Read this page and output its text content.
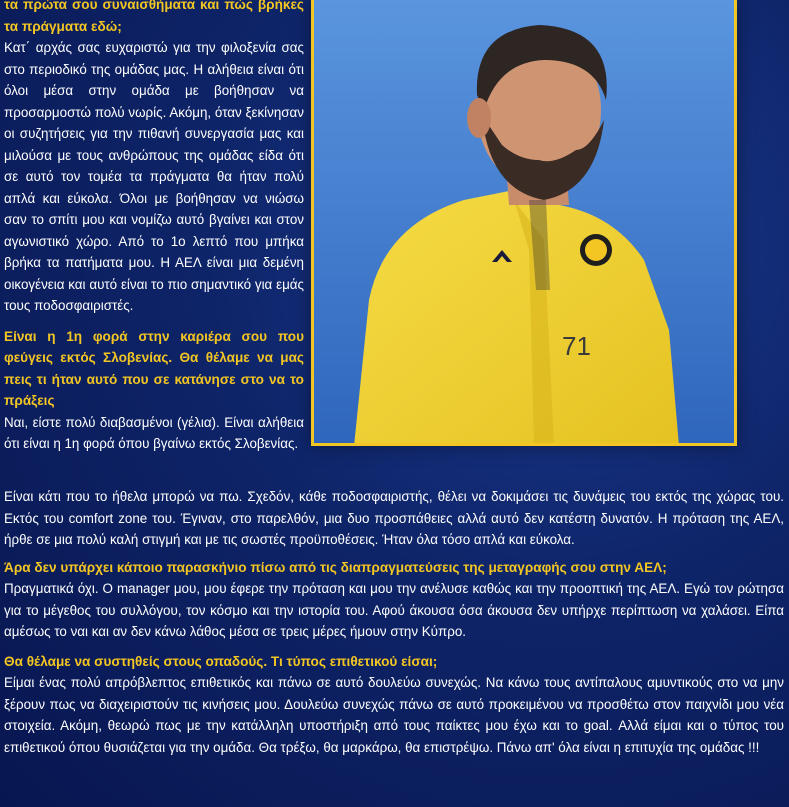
71

τα πρώτα σου συναισθήματα και πώς βρήκες τα πράγματα εδώ;

Κατ΄ αρχάς σας ευχαριστώ για την φιλοξενία σας στο περιοδικό της ομάδας μας. Η αλήθεια είναι ότι όλοι μέσα στην ομάδα με βοήθησαν να προσαρμοστώ πολύ νωρίς. Ακόμη, όταν ξεκίνησαν οι συζητήσεις για την πιθανή συνεργασία μας και μιλούσα με τους ανθρώπους της ομάδας είδα ότι σε αυτό τον τομέα τα πράγματα θα ήταν πολύ απλά και εύκολα. Όλοι με βοήθησαν να νιώσω σαν το σπίτι μου και νομίζω αυτό βγαίνει και στον αγωνιστικό χώρο. Από το 1ο λεπτό που μπήκα βρήκα τα πατήματα μου. Η ΑΕΛ είναι μια δεμένη οικογένεια και αυτό είναι το πιο σημαντικό για εμάς τους ποδοσφαιριστές.

Είναι η 1η φορά στην καριέρα σου που φεύγεις εκτός Σλοβενίας. Θα θέλαμε να μας πεις τι ήταν αυτό που σε κατάνησε στο να το πράξεις

Ναι, είστε πολύ διαβασμένοι (γέλια). Είναι αλήθεια ότι είναι η 1η φορά όπου βγαίνω εκτός Σλοβενίας.

Είναι κάτι που το ήθελα μπορώ να πω. Σχεδόν, κάθε ποδοσφαιριστής, θέλει να δοκιμάσει τις δυνάμεις του εκτός της χώρας του. Εκτός του comfort zone του. Έγιναν, στο παρελθόν, μια δυο προσπάθειες αλλά αυτό δεν κατέστη δυνατόν. Η πρόταση της ΑΕΛ, ήρθε σε μια πολύ καλή στιγμή και με τις σωστές προϋποθέσεις. Ήταν όλα τόσο απλά και εύκολα.

Άρα δεν υπάρχει κάποιο παρασκήνιο πίσω από τις διαπραγματεύσεις της μεταγραφής σου στην ΑΕΛ;

Πραγματικά όχι. Ο manager μου, μου έφερε την πρόταση και μου την ανέλυσε καθώς και την προοπτική της ΑΕΛ. Εγώ τον ρώτησα για το μέγεθος του συλλόγου, τον κόσμο και την ιστορία του. Αφού άκουσα όσα άκουσα δεν υπήρχε περίπτωση να χαλάσει. Είπα αμέσως το ναι και αν δεν κάνω λάθος μέσα σε τρεις μέρες ήμουν στην Κύπρο.

Θα θέλαμε να συστηθείς στους οπαδούς. Τι τύπος επιθετικού είσαι;

Είμαι ένας πολύ απρόβλεπτος επιθετικός και πάνω σε αυτό δουλεύω συνεχώς. Να κάνω τους αντίπαλους αμυντικούς στο να μην ξέρουν πως να διαχειριστούν τις κινήσεις μου. Δουλεύω συνεχώς πάνω σε αυτό προκειμένου να προσθέτω στον παιχνίδι μου νέα στοιχεία. Ακόμη, θεωρώ πως με την κατάλληλη υποστήριξη από τους παίκτες μου έχω και το goal. Αλλά είμαι και ο τύπος του επιθετικού όπου θυσιάζεται για την ομάδα. Θα τρέξω, θα μαρκάρω, θα επιστρέψω. Πάνω απ' όλα είναι η επιτυχία της ομάδας !!!
